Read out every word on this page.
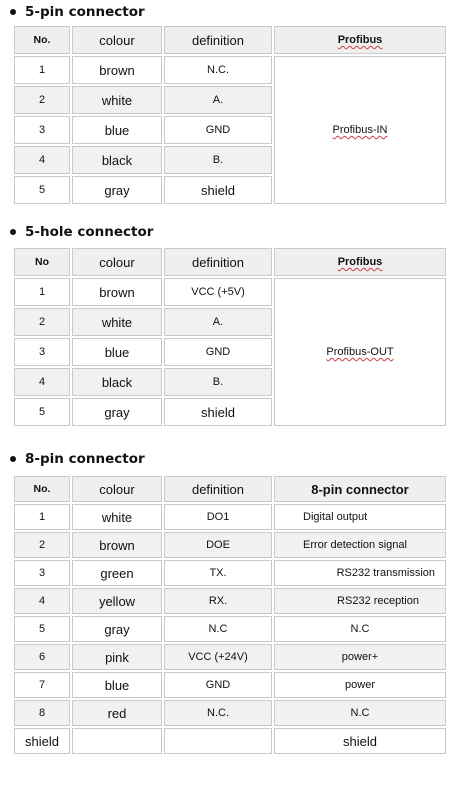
5-pin connector
No.	colour	definition	Profibus
1	brown	N.C.	Profibus-IN
2	white	A.	
3	blue	GND	
4	black	B.	
5	gray	shield	
5-hole connector
No	colour	definition	Profibus
1	brown	VCC (+5V)	Profibus-OUT
2	white	A.	
3	blue	GND	
4	black	B.	
5	gray	shield	
8-pin connector
No.	colour	definition	8-pin connector
1	white	DO1	Digital output
2	brown	DOE	Error detection signal
3	green	TX.	RS232 transmission
4	yellow	RX.	RS232 reception
5	gray	N.C	N.C
6	pink	VCC (+24V)	power+
7	blue	GND	power
8	red	N.C.	N.C
shield			shield
